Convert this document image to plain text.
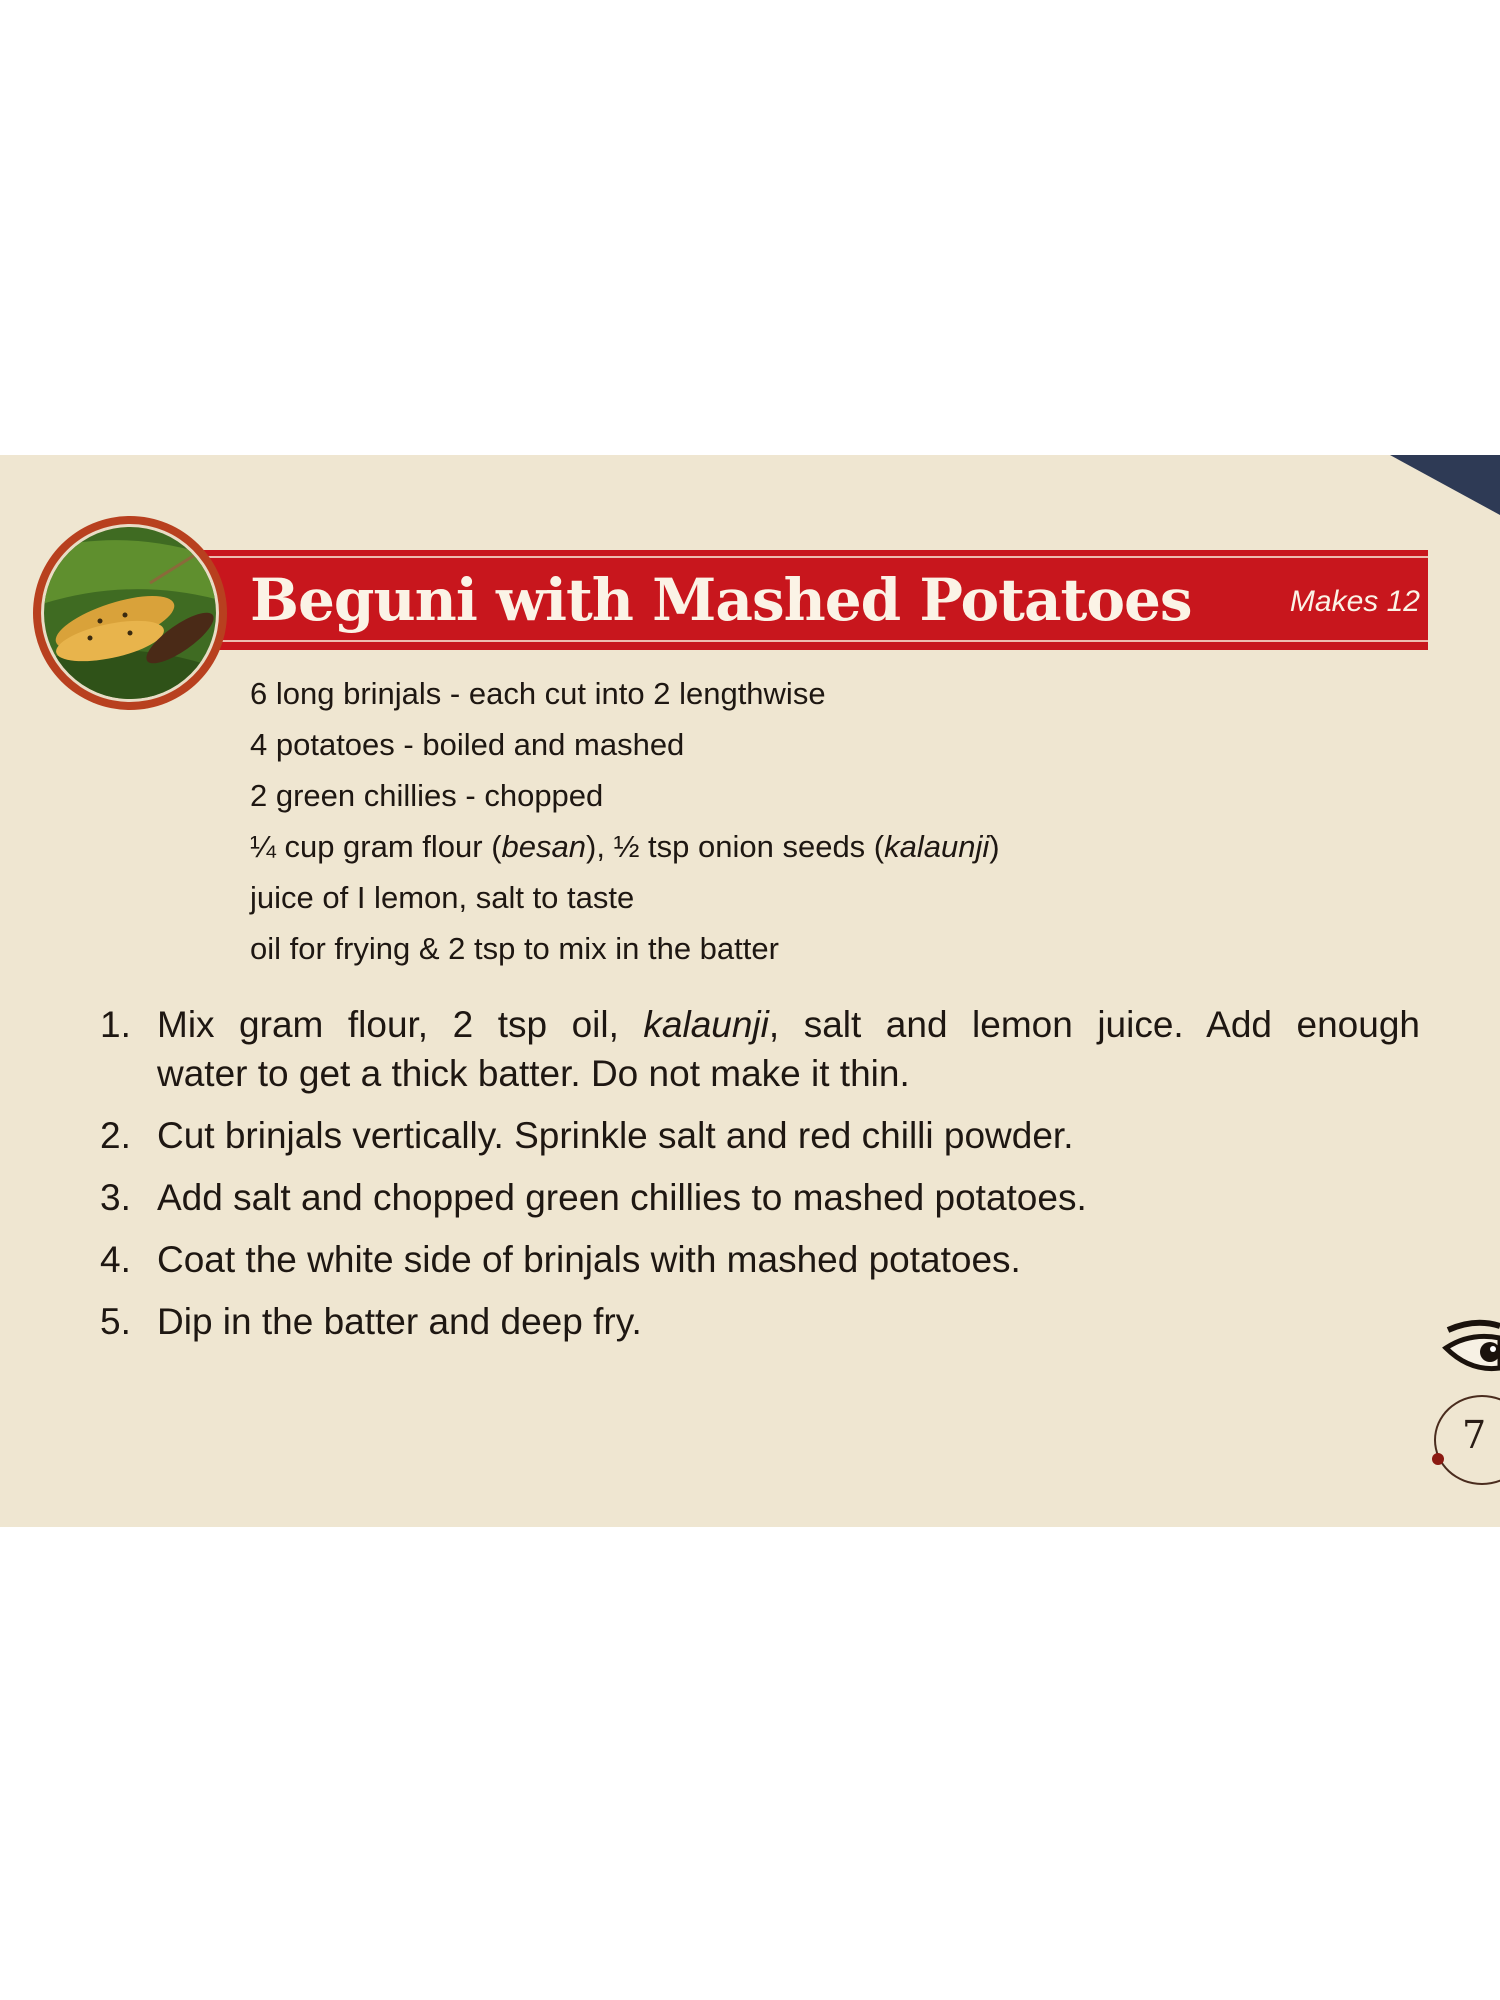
Beguni with Mashed Potatoes	Makes 12
6 long brinjals - each cut into 2 lengthwise
4 potatoes - boiled and mashed
2 green chillies - chopped
¼ cup gram flour (besan), ½ tsp onion seeds (kalaunji)
juice of I lemon, salt to taste
oil for frying & 2 tsp to mix in the batter
1. Mix gram flour, 2 tsp oil, kalaunji, salt and lemon juice. Add enough
water to get a thick batter. Do not make it thin.
2. Cut brinjals vertically. Sprinkle salt and red chilli powder.
3. Add salt and chopped green chillies to mashed potatoes.
4. Coat the white side of brinjals with mashed potatoes.
5. Dip in the batter and deep fry.
7
